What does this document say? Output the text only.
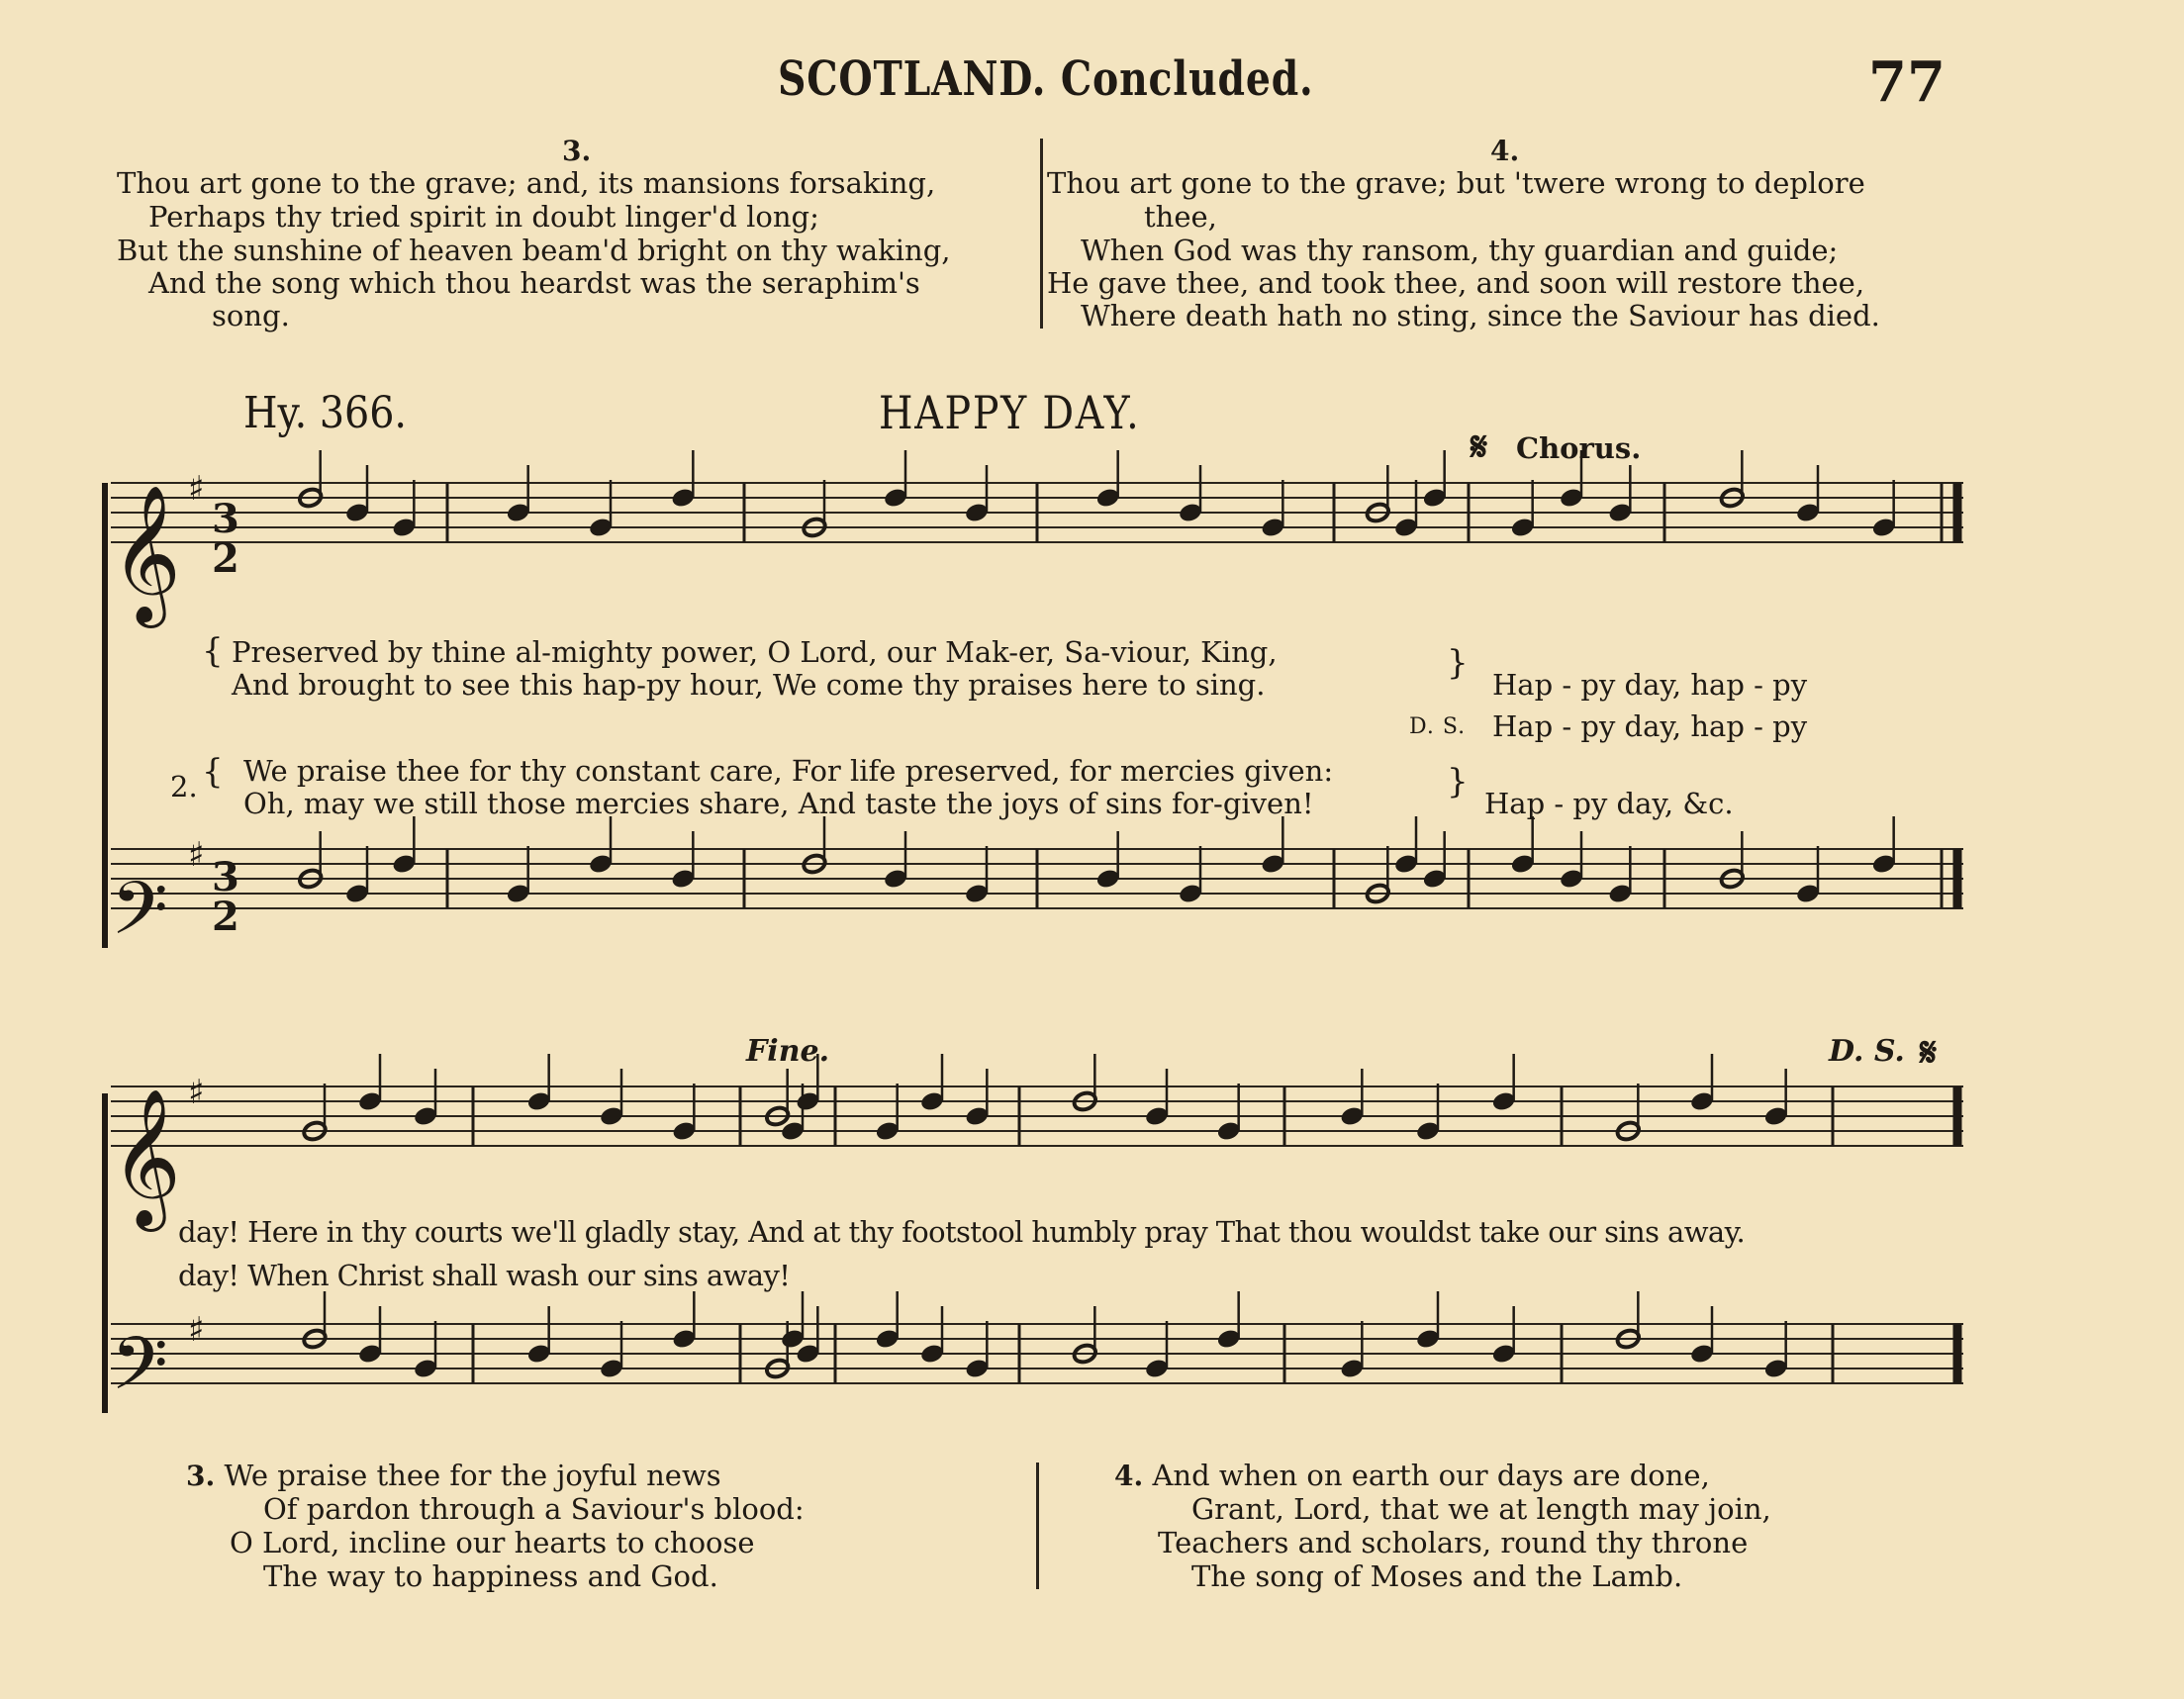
SCOTLAND. Concluded.	77
3.
Thou art gone to the grave; and, its mansions forsaking,
Perhaps thy tried spirit in doubt linger'd long;
But the sunshine of heaven beam'd bright on thy waking,
And the song which thou heardst was the seraphim's
song.
4.
Thou art gone to the grave; but 'twere wrong to deplore
thee,
When God was thy ransom, thy guardian and guide;
He gave thee, and took thee, and soon will restore thee,
Where death hath no sting, since the Saviour has died.
Hy. 366.	HAPPY DAY.
𝄋 Chorus.
𝄞
𝄢
𝄞
𝄢
♯
♯
♯
♯
3
2
3
2
Fine.	D. S. 𝄋
{ Preserved by thine al-mighty power, O Lord, our Mak-er, Sa-viour, King,
And brought to see this hap-py hour, We come thy praises here to sing.
}
Hap - py day, hap - py
D. S. Hap - py day, hap - py
2. { We praise thee for thy constant care, For life preserved, for mercies given:
Oh, may we still those mercies share, And taste the joys of sins for-given!
}
Hap - py day, &c.
day! Here in thy courts we'll gladly stay, And at thy footstool humbly pray That thou wouldst take our sins away.
day! When Christ shall wash our sins away!
3. We praise thee for the joyful news
Of pardon through a Saviour's blood:
O Lord, incline our hearts to choose
The way to happiness and God.
4. And when on earth our days are done,
Grant, Lord, that we at length may join,
Teachers and scholars, round thy throne
The song of Moses and the Lamb.
